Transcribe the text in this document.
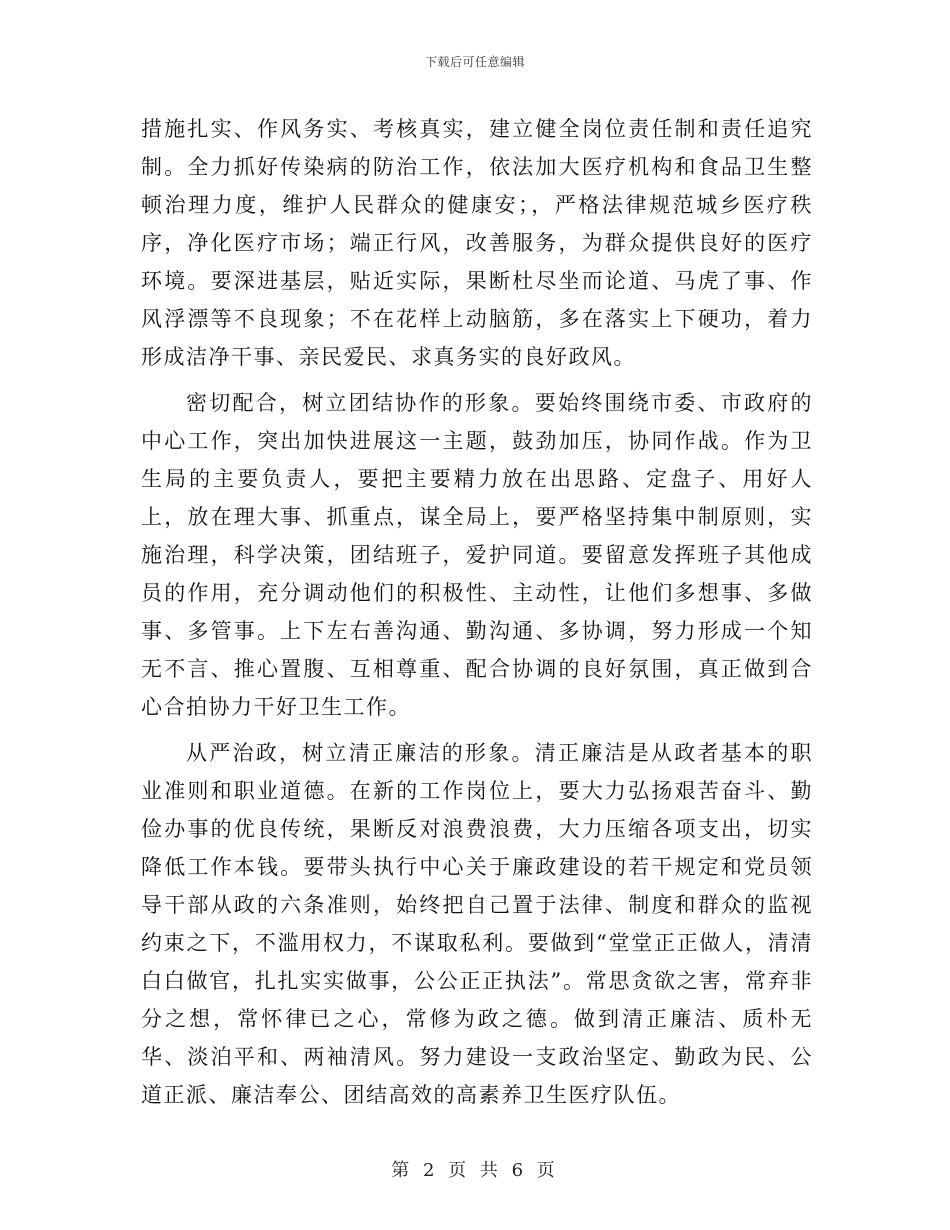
下载后可任意编辑

措施扎实、作风务实、考核真实，建立健全岗位责任制和责任追究制。全力抓好传染病的防治工作，依法加大医疗机构和食品卫生整顿治理力度，维护人民群众的健康安；，严格法律规范城乡医疗秩序，净化医疗市场；端正行风，改善服务，为群众提供良好的医疗环境。要深进基层，贴近实际，果断杜尽坐而论道、马虎了事、作风浮漂等不良现象；不在花样上动脑筋，多在落实上下硬功，着力形成洁净干事、亲民爱民、求真务实的良好政风。

密切配合，树立团结协作的形象。要始终围绕市委、市政府的中心工作，突出加快进展这一主题，鼓劲加压，协同作战。作为卫生局的主要负责人，要把主要精力放在出思路、定盘子、用好人上，放在理大事、抓重点，谋全局上，要严格坚持集中制原则，实施治理，科学决策，团结班子，爱护同道。要留意发挥班子其他成员的作用，充分调动他们的积极性、主动性，让他们多想事、多做事、多管事。上下左右善沟通、勤沟通、多协调，努力形成一个知无不言、推心置腹、互相尊重、配合协调的良好氛围，真正做到合心合拍协力干好卫生工作。

从严治政，树立清正廉洁的形象。清正廉洁是从政者基本的职业准则和职业道德。在新的工作岗位上，要大力弘扬艰苦奋斗、勤俭办事的优良传统，果断反对浪费浪费，大力压缩各项支出，切实降低工作本钱。要带头执行中心关于廉政建设的若干规定和党员领导干部从政的六条准则，始终把自己置于法律、制度和群众的监视约束之下，不滥用权力，不谋取私利。要做到“堂堂正正做人，清清白白做官，扎扎实实做事，公公正正执法”。常思贪欲之害，常弃非分之想，常怀律已之心，常修为政之德。做到清正廉洁、质朴无华、淡泊平和、两袖清风。努力建设一支政治坚定、勤政为民、公道正派、廉洁奉公、团结高效的高素养卫生医疗队伍。

第 2 页 共 6 页
